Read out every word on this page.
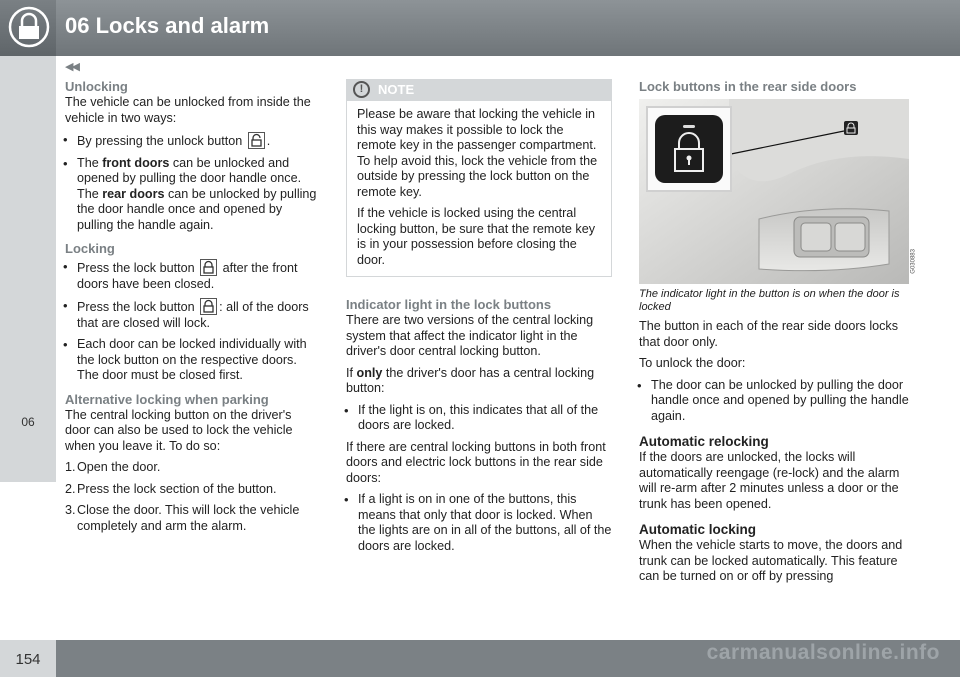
06 Locks and alarm
◀◀
06
154	carmanualsonline.info
Unlocking

The vehicle can be unlocked from inside the vehicle in two ways:

• By pressing the unlock button .
• The front doors can be unlocked and opened by pulling the door handle once. The rear doors can be unlocked by pulling the door handle once and opened by pulling the handle again.
Locking
• Press the lock button after the front doors have been closed.
• Press the lock button : all of the doors that are closed will lock.
• Each door can be locked individually with the lock button on the respective doors. The door must be closed first.
Alternative locking when parking

The central locking button on the driver's door can also be used to lock the vehicle when you leave it. To do so:

1. Open the door.
2. Press the lock section of the button.
3. Close the door. This will lock the vehicle completely and arm the alarm.
!	NOTE

Please be aware that locking the vehicle in this way makes it possible to lock the remote key in the passenger compartment. To help avoid this, lock the vehicle from the outside by pressing the lock button on the remote key.

If the vehicle is locked using the central locking button, be sure that the remote key is in your possession before closing the door.

Indicator light in the lock buttons

There are two versions of the central locking system that affect the indicator light in the driver's door central locking button.

If only the driver's door has a central locking button:

• If the light is on, this indicates that all of the doors are locked.

If there are central locking buttons in both front doors and electric lock buttons in the rear side doors:

• If a light is on in one of the buttons, this means that only that door is locked. When the lights are on in all of the buttons, all of the doors are locked.
Lock buttons in the rear side doors
G030883

The indicator light in the button is on when the door is locked

The button in each of the rear side doors locks that door only.

To unlock the door:

• The door can be unlocked by pulling the door handle once and opened by pulling the handle again.
Automatic relocking

If the doors are unlocked, the locks will automatically reengage (re-lock) and the alarm will re-arm after 2 minutes unless a door or the trunk has been opened.

Automatic locking

When the vehicle starts to move, the doors and trunk can be locked automatically. This feature can be turned on or off by pressing
